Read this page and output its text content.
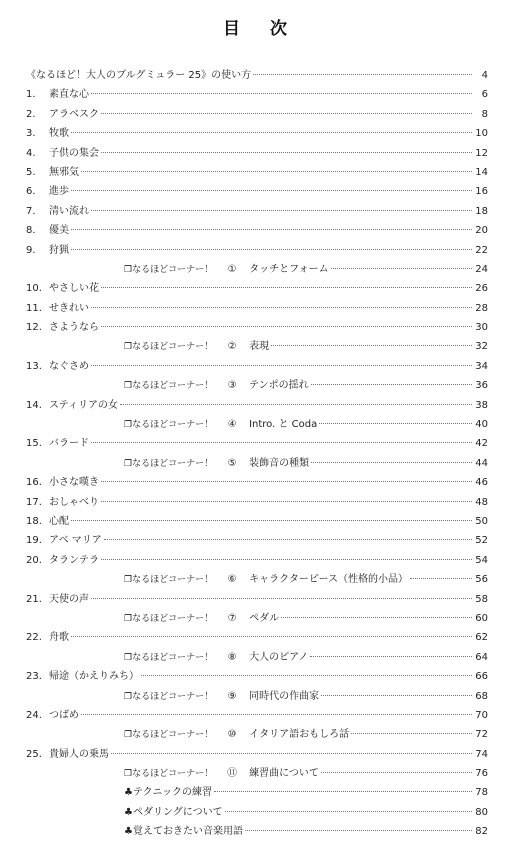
目 次
《なるほど！大人のブルグミュラー 25》の使い方	4
1.	素直な心	6
2.	アラベスク	8
3.	牧歌	10
4.	子供の集会	12
5.	無邪気	14
6.	進歩	16
7.	清い流れ	18
8.	優美	20
9.	狩猟	22
❐なるほどコーナー！	①	タッチとフォーム	24
10. やさしい花	26
11. せきれい	28
12. さようなら	30
❐なるほどコーナー！	②	表現	32
13. なぐさめ	34
❐なるほどコーナー！	③	テンポの揺れ	36
14. スティリアの女	38
❐なるほどコーナー！	④	Intro. と Coda	40
15. バラード	42
❐なるほどコーナー！	⑤	装飾音の種類	44
16. 小さな嘆き	46
17. おしゃべり	48
18. 心配	50
19. アベ マリア	52
20. タランテラ	54
❐なるほどコーナー！	⑥	キャラクターピース（性格的小品）	56
21. 天使の声	58
❐なるほどコーナー！	⑦	ペダル	60
22. 舟歌	62
❐なるほどコーナー！	⑧	大人のピアノ	64
23. 帰途（かえりみち）	66
❐なるほどコーナー！	⑨	同時代の作曲家	68
24. つばめ	70
❐なるほどコーナー！	⑩	イタリア語おもしろ話	72
25. 貴婦人の乗馬	74
❐なるほどコーナー！	⑪	練習曲について	76
♣テクニックの練習	78
♣ペダリングについて	80
♣覚えておきたい音楽用語	82
